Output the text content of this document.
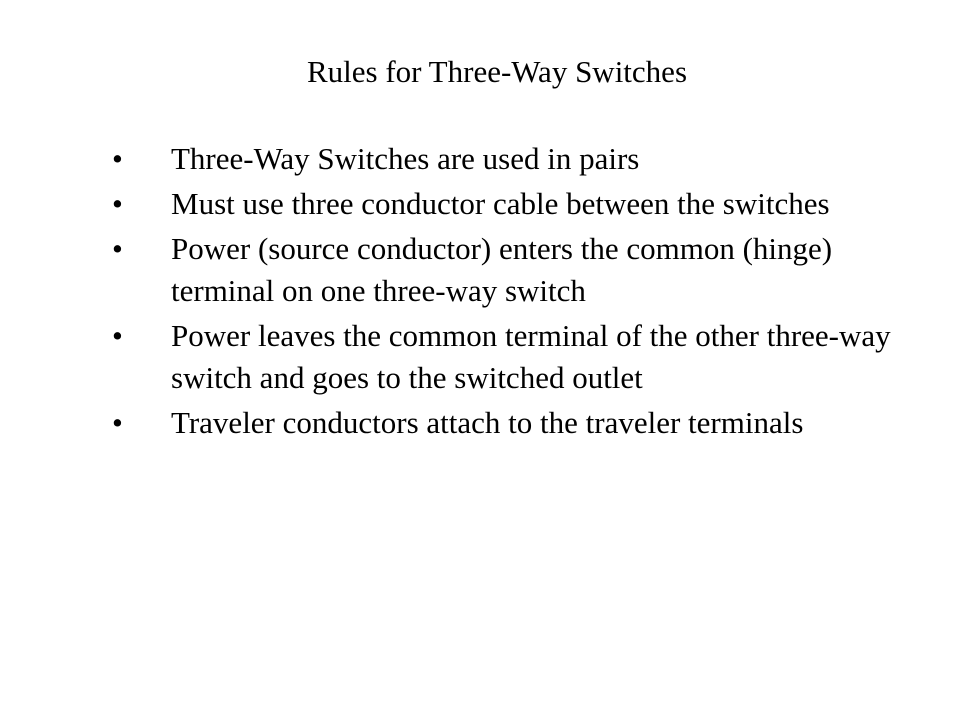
Rules for Three-Way Switches
• Three-Way Switches are used in pairs
• Must use three conductor cable between the switches
• Power (source conductor) enters the common (hinge) terminal on one three-way switch
• Power leaves the common terminal of the other three-way switch and goes to the switched outlet
• Traveler conductors attach to the traveler terminals
